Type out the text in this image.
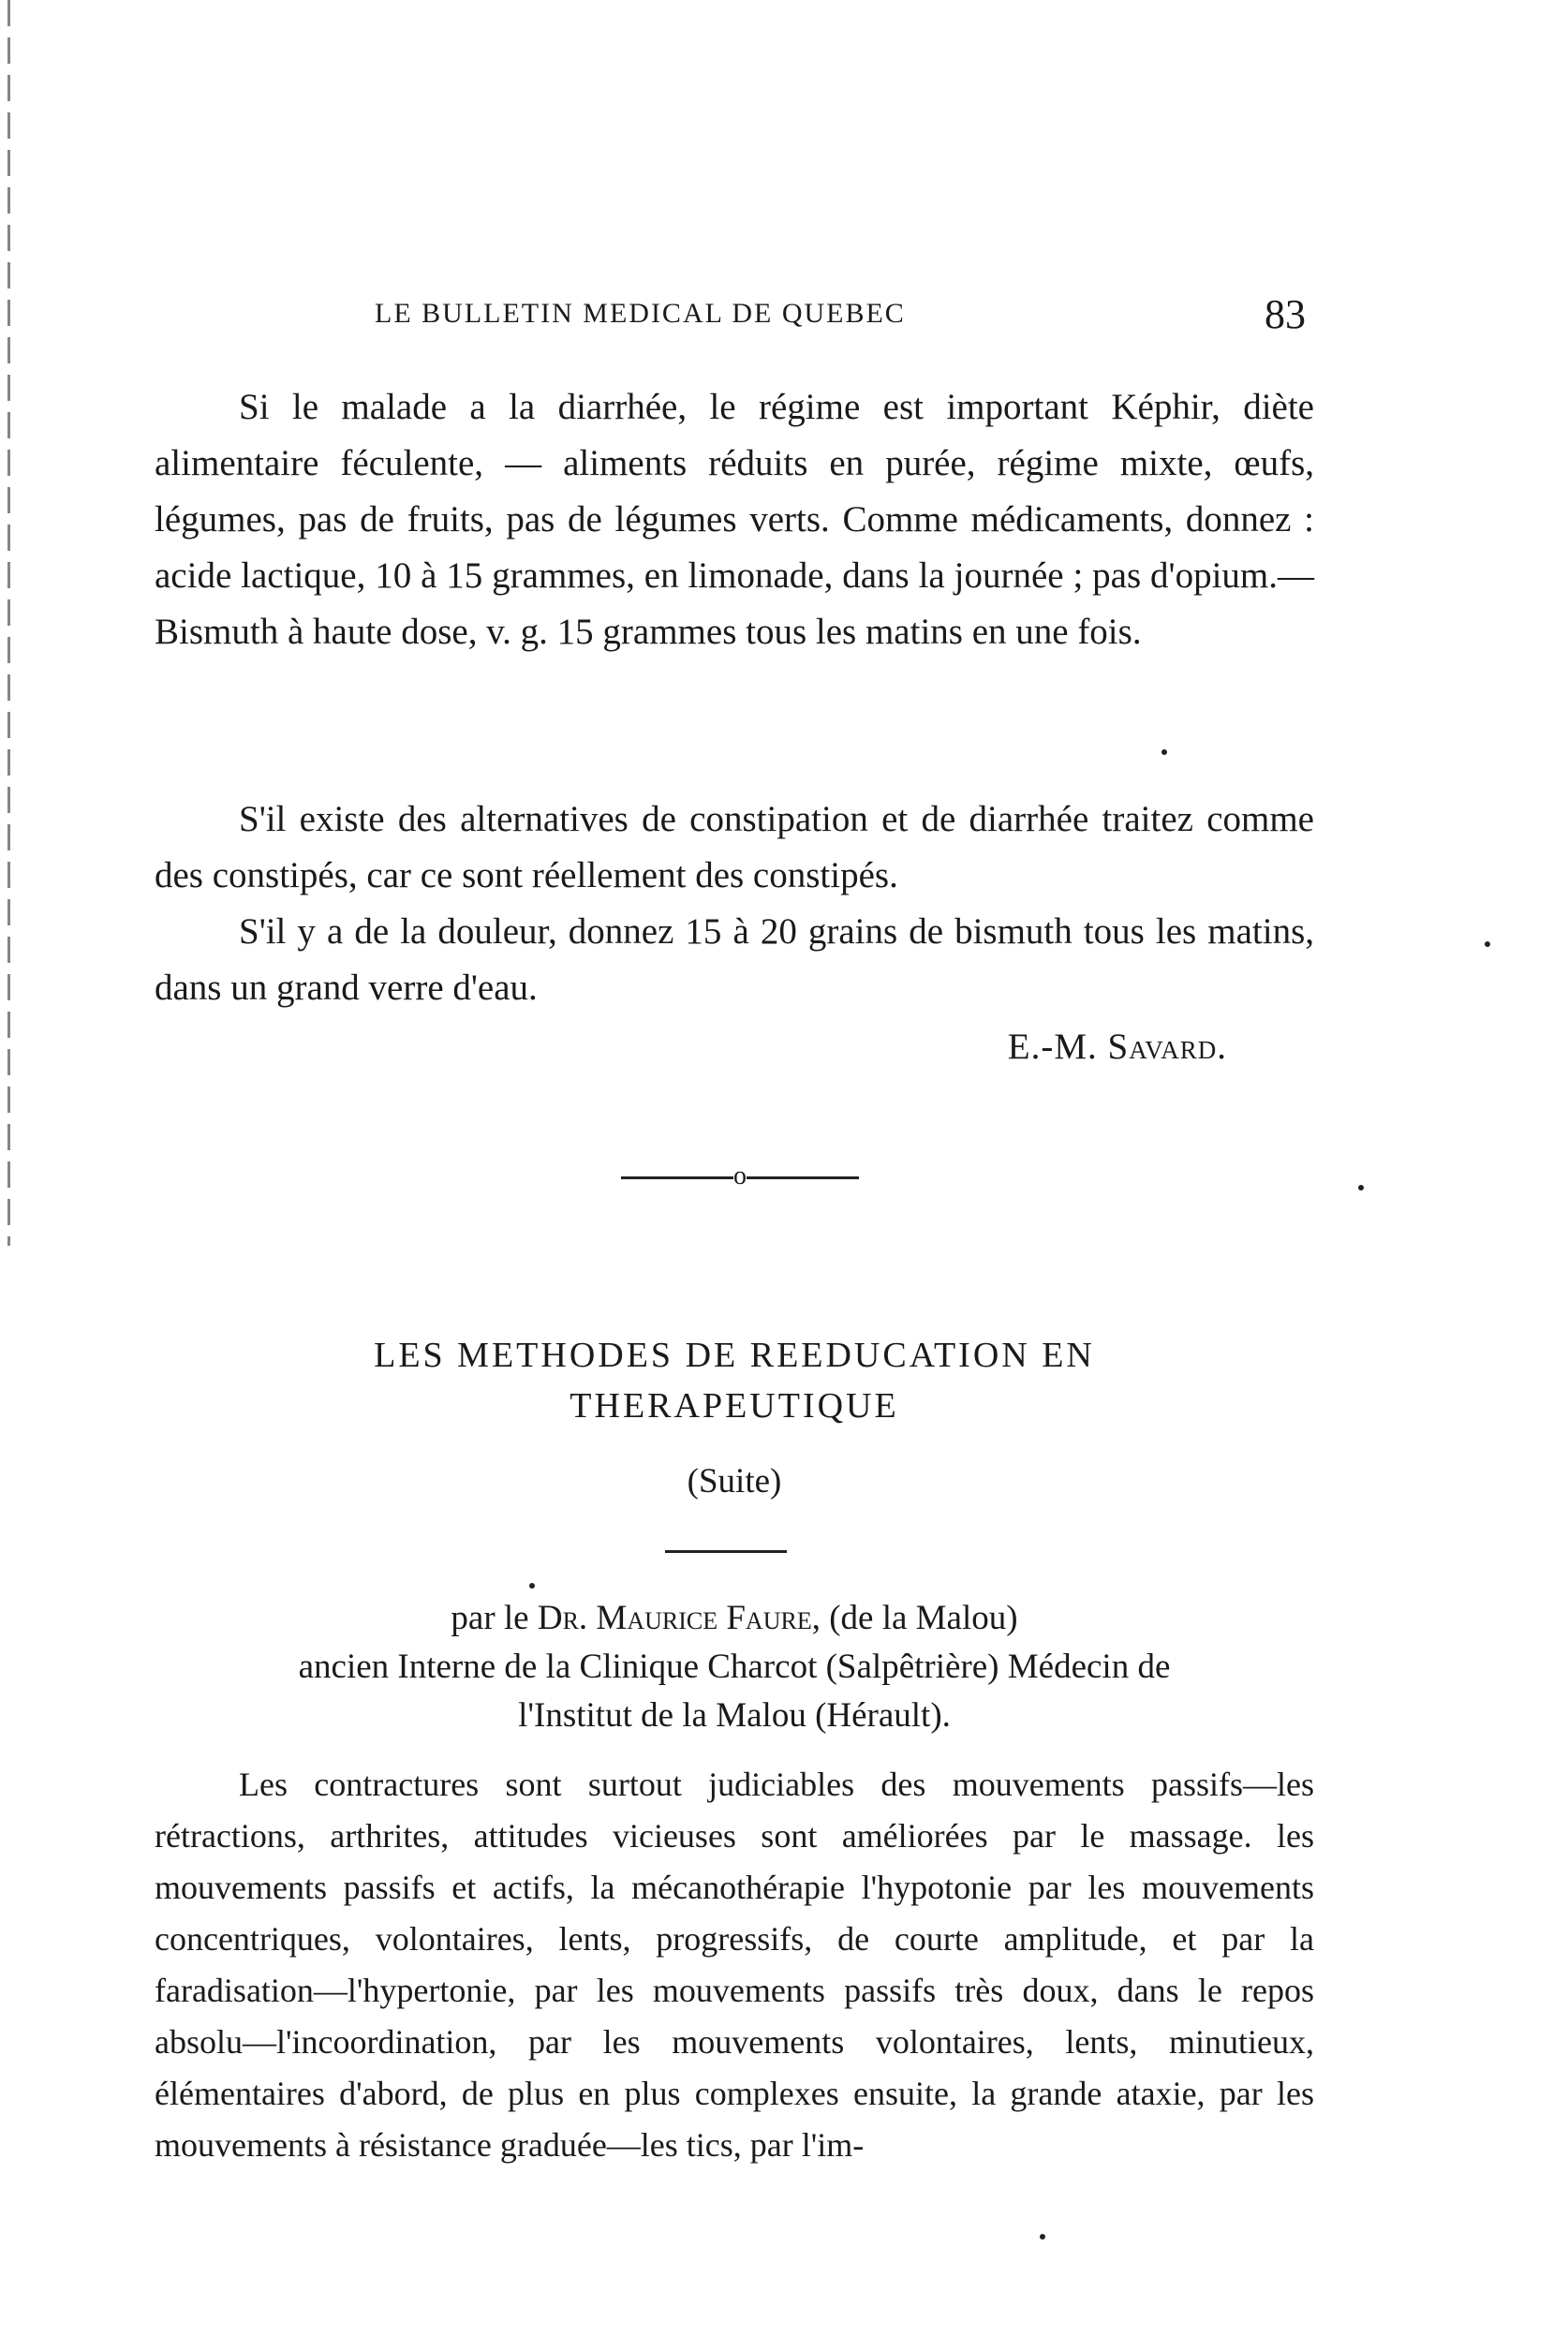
LE BULLETIN MEDICAL DE QUEBEC	83
Si le malade a la diarrhée, le régime est important Képhir, diète alimentaire féculente, — aliments réduits en purée, régime mixte, œufs, légumes, pas de fruits, pas de légumes verts. Comme médicaments, donnez : acide lactique, 10 à 15 grammes, en limonade, dans la journée ; pas d'opium.— Bismuth à haute dose, v. g. 15 grammes tous les matins en une fois.
S'il existe des alternatives de constipation et de diarrhée traitez comme des constipés, car ce sont réellement des constipés.
S'il y a de la douleur, donnez 15 à 20 grains de bismuth tous les matins, dans un grand verre d'eau.
E.-M. Savard.
o
LES METHODES DE REEDUCATION EN
THERAPEUTIQUE
(Suite)
par le Dr. Maurice Faure, (de la Malou)
ancien Interne de la Clinique Charcot (Salpêtrière) Médecin de
l'Institut de la Malou (Hérault).
Les contractures sont surtout judiciables des mouvements passifs—les rétractions, arthrites, attitudes vicieuses sont améliorées par le massage. les mouvements passifs et actifs, la mécanothérapie l'hypotonie par les mouvements concentriques, volontaires, lents, progressifs, de courte amplitude, et par la faradisation—l'hypertonie, par les mouvements passifs très doux, dans le repos absolu—l'incoordination, par les mouvements volontaires, lents, minutieux, élémentaires d'abord, de plus en plus complexes ensuite, la grande ataxie, par les mouvements à résistance graduée—les tics, par l'im-
